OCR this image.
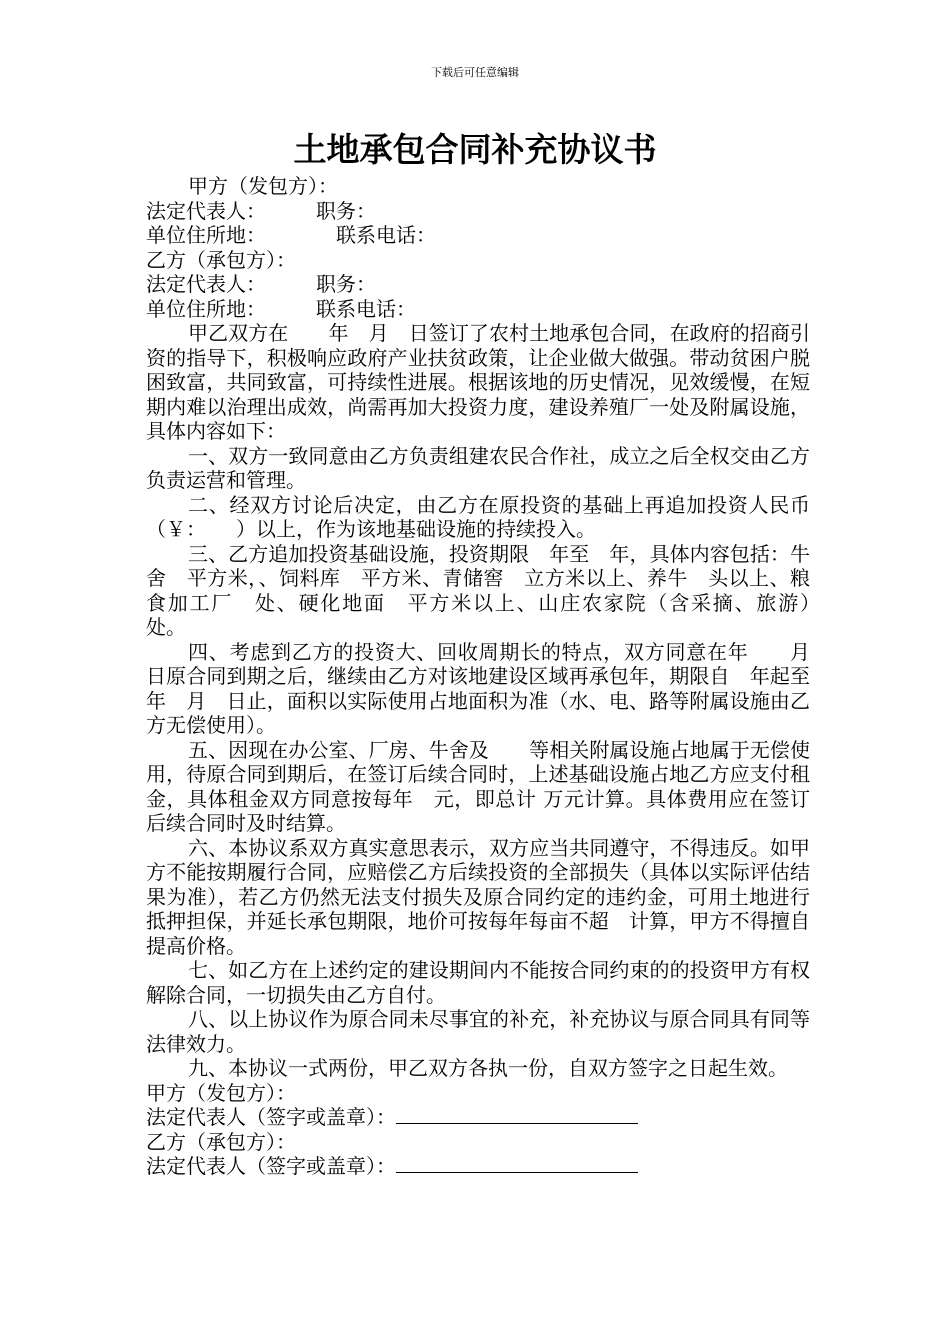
下载后可任意编辑
土地承包合同补充协议书

甲方（发包方）：

法定代表人：　　　职务：

单位住所地：　　　　联系电话：

乙方（承包方）：

法定代表人：　　　职务：

单位住所地：　　　联系电话：

甲乙双方在　　年　月　日签订了农村土地承包合同，在政府的招商引资的指导下，积极响应政府产业扶贫政策，让企业做大做强。带动贫困户脱困致富，共同致富，可持续性进展。根据该地的历史情况，见效缓慢，在短期内难以治理出成效，尚需再加大投资力度，建设养殖厂一处及附属设施，具体内容如下：

一、双方一致同意由乙方负责组建农民合作社，成立之后全权交由乙方负责运营和管理。

二、经双方讨论后决定，由乙方在原投资的基础上再追加投资人民币　　（￥：　　）以上，作为该地基础设施的持续投入。

三、乙方追加投资基础设施，投资期限　年至　年，具体内容包括：牛舍　平方米，、饲料库　平方米、青储窖　立方米以上、养牛　头以上、粮食加工厂　处、硬化地面　平方米以上、山庄农家院（含采摘、旅游）　处。

四、考虑到乙方的投资大、回收周期长的特点，双方同意在年　　月　日原合同到期之后，继续由乙方对该地建设区域再承包年，期限自　年起至　年　月　日止，面积以实际使用占地面积为准（水、电、路等附属设施由乙方无偿使用）。

五、因现在办公室、厂房、牛舍及　　等相关附属设施占地属于无偿使用，待原合同到期后，在签订后续合同时，上述基础设施占地乙方应支付租金，具体租金双方同意按每年　元，即总计 万元计算。具体费用应在签订后续合同时及时结算。

六、本协议系双方真实意思表示，双方应当共同遵守，不得违反。如甲方不能按期履行合同，应赔偿乙方后续投资的全部损失（具体以实际评估结果为准），若乙方仍然无法支付损失及原合同约定的违约金，可用土地进行抵押担保，并延长承包期限，地价可按每年每亩不超　计算，甲方不得擅自提高价格。

七、如乙方在上述约定的建设期间内不能按合同约束的的投资甲方有权解除合同，一切损失由乙方自付。

八、以上协议作为原合同未尽事宜的补充，补充协议与原合同具有同等法律效力。

九、本协议一式两份，甲乙双方各执一份，自双方签字之日起生效。

甲方（发包方）：

法定代表人（签字或盖章）：

乙方（承包方）：

法定代表人（签字或盖章）：
